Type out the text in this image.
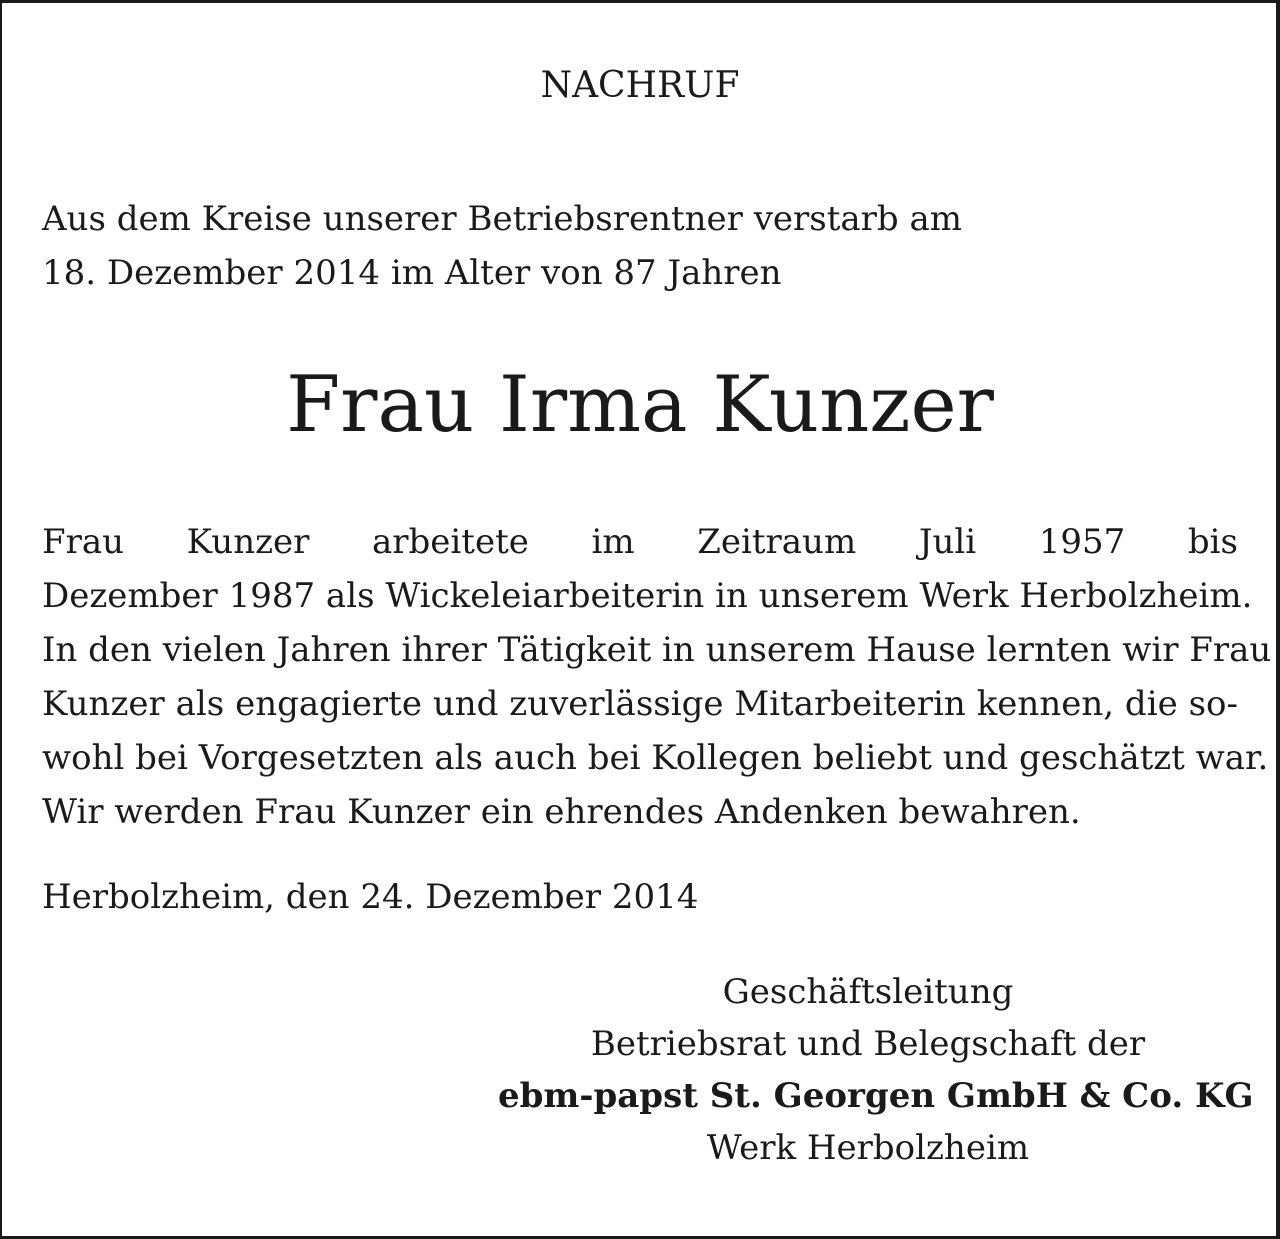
NACHRUF

Aus dem Kreise unserer Betriebsrentner verstarb am
18. Dezember 2014 im Alter von 87 Jahren

Frau Irma Kunzer

Frau Kunzer arbeitete im Zeitraum Juli 1957 bis
Dezember 1987 als Wickeleiarbeiterin in unserem Werk Herbolzheim.
In den vielen Jahren ihrer Tätigkeit in unserem Hause lernten wir Frau
Kunzer als engagierte und zuverlässige Mitarbeiterin kennen, die so-
wohl bei Vorgesetzten als auch bei Kollegen beliebt und geschätzt war.
Wir werden Frau Kunzer ein ehrendes Andenken bewahren.

Herbolzheim, den 24. Dezember 2014

Geschäftsleitung
Betriebsrat und Belegschaft der
ebm-papst St. Georgen GmbH & Co. KG
Werk Herbolzheim
